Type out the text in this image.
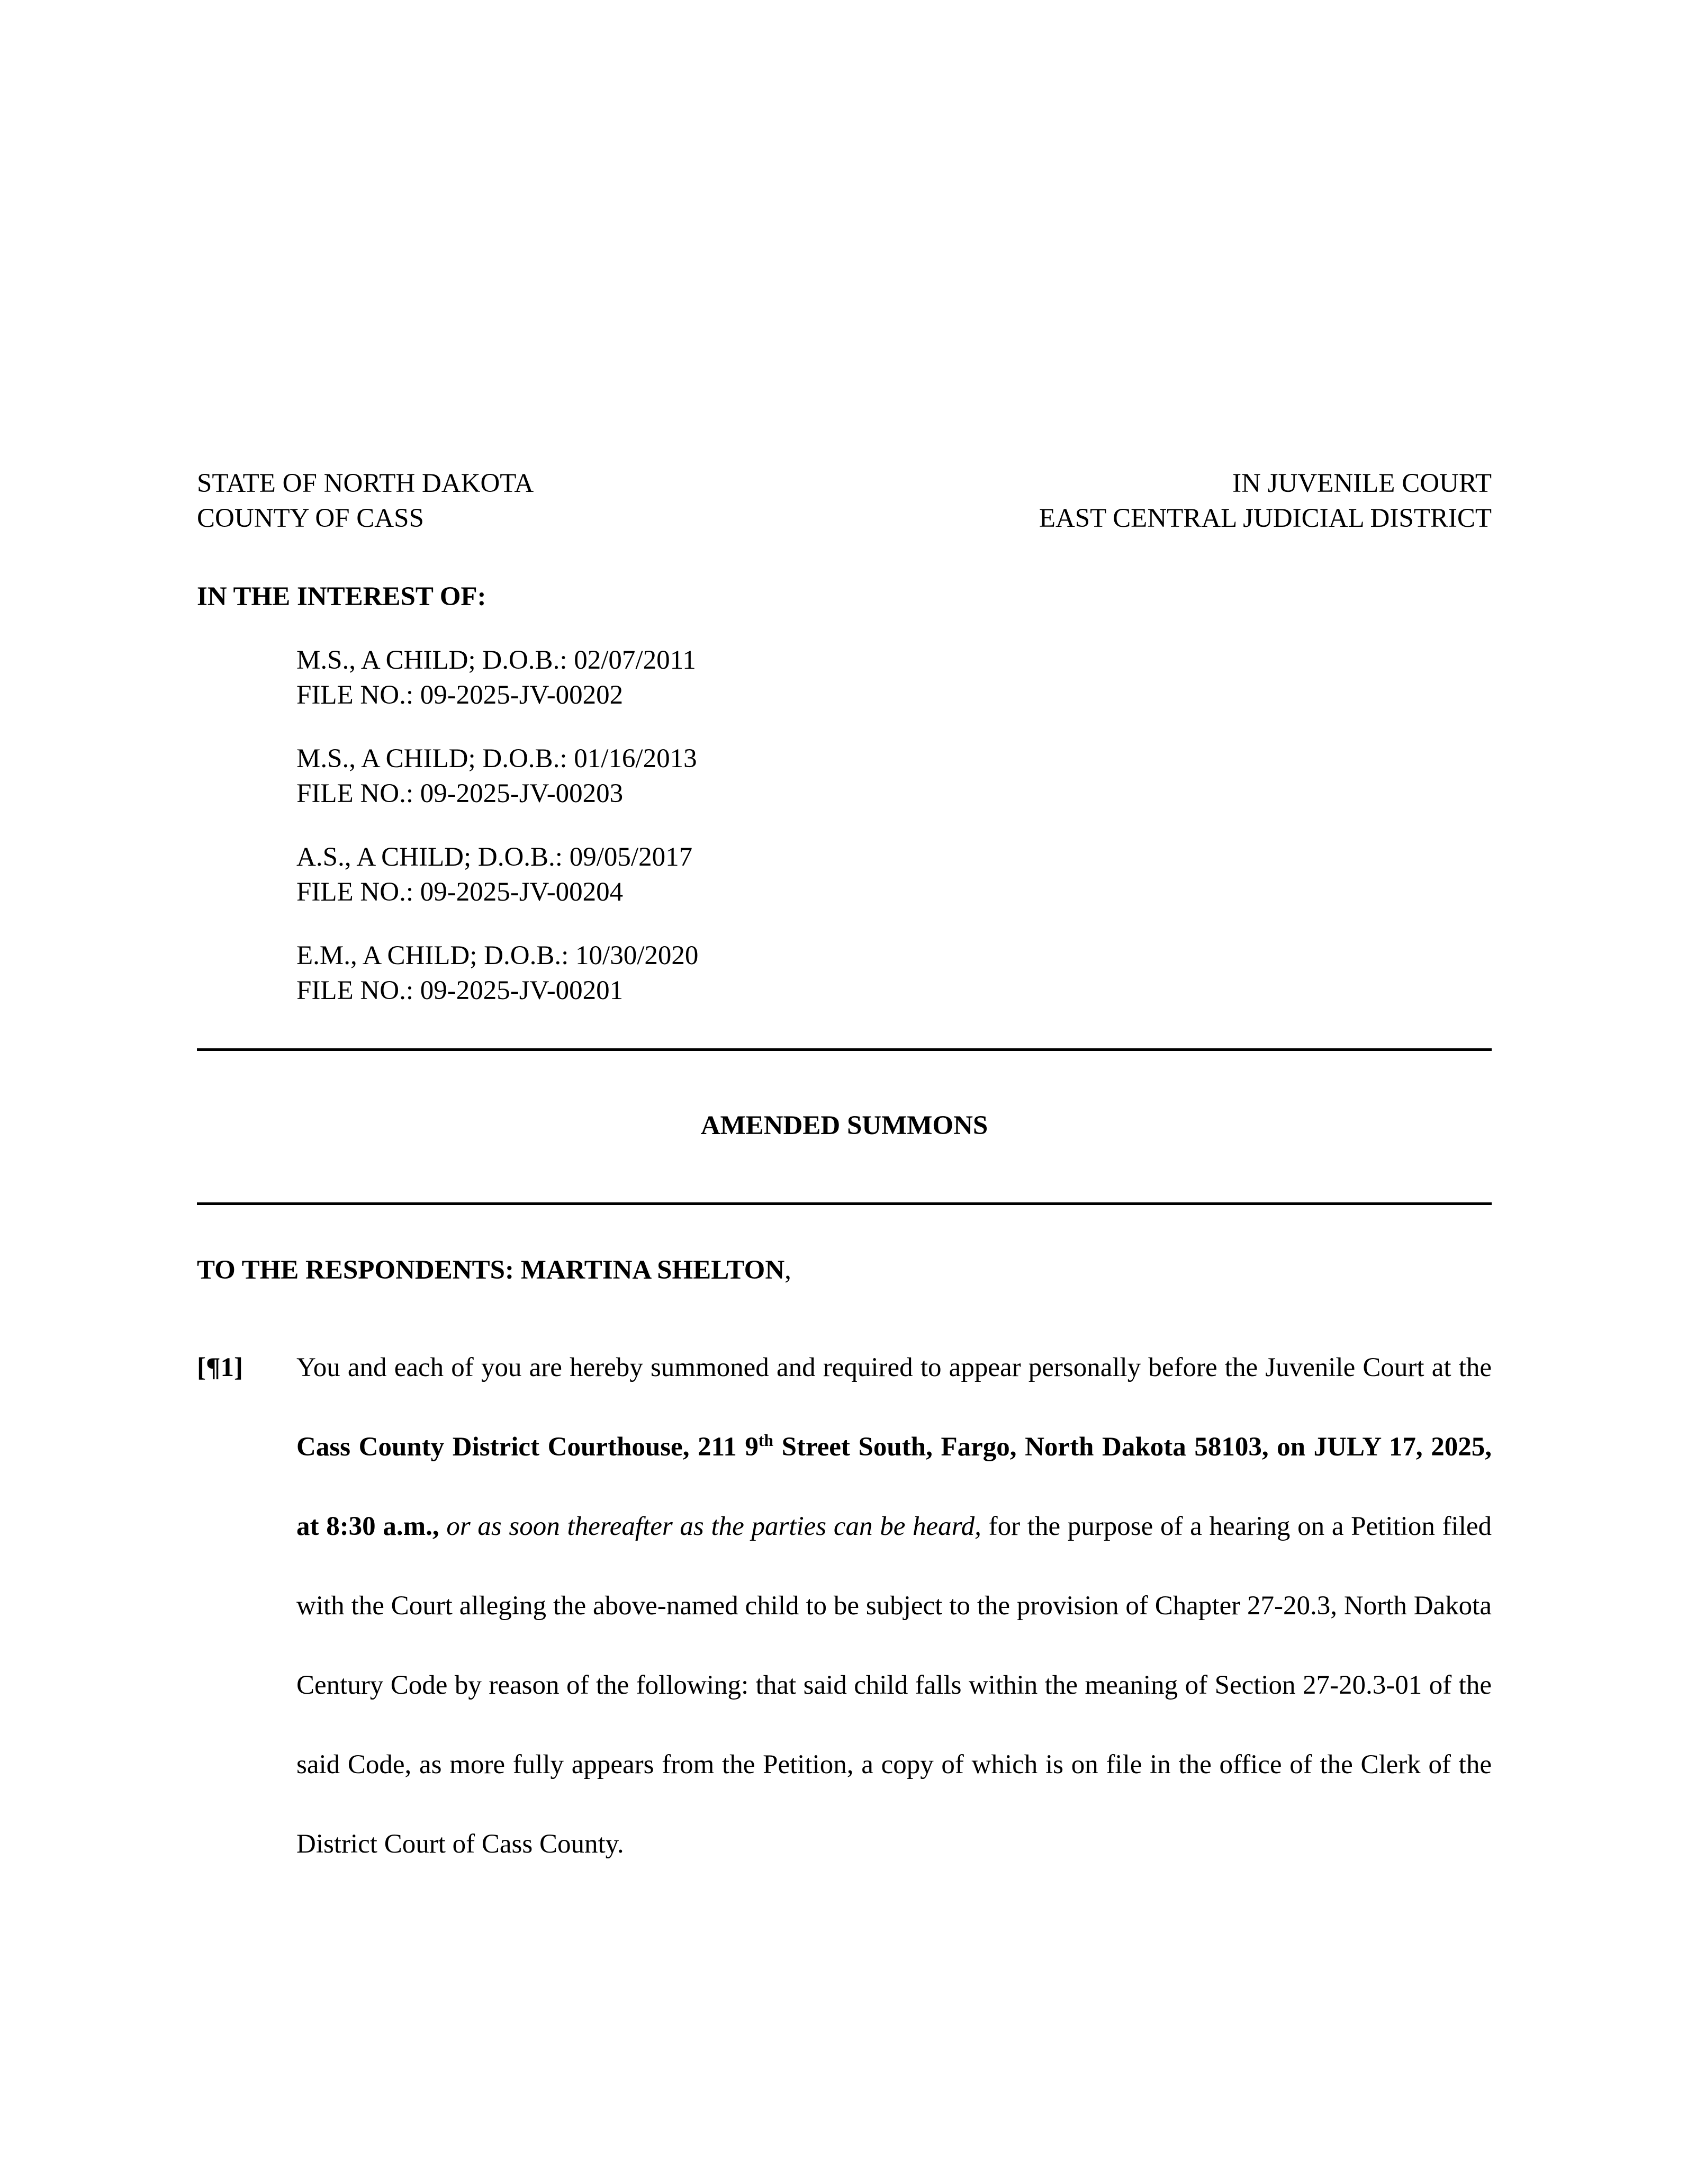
STATE OF NORTH DAKOTA
COUNTY OF CASS
IN JUVENILE COURT
EAST CENTRAL JUDICIAL DISTRICT
IN THE INTEREST OF:
M.S., A CHILD; D.O.B.: 02/07/2011
FILE NO.: 09-2025-JV-00202
M.S., A CHILD; D.O.B.: 01/16/2013
FILE NO.: 09-2025-JV-00203
A.S., A CHILD; D.O.B.: 09/05/2017
FILE NO.: 09-2025-JV-00204
E.M., A CHILD; D.O.B.: 10/30/2020
FILE NO.: 09-2025-JV-00201
AMENDED SUMMONS
TO THE RESPONDENTS: MARTINA SHELTON,
[¶1]	You and each of you are hereby summoned and required to appear personally before the Juvenile Court at the Cass County District Courthouse, 211 9th Street South, Fargo, North Dakota 58103, on JULY 17, 2025, at 8:30 a.m., or as soon thereafter as the parties can be heard, for the purpose of a hearing on a Petition filed with the Court alleging the above-named child to be subject to the provision of Chapter 27-20.3, North Dakota Century Code by reason of the following: that said child falls within the meaning of Section 27-20.3-01 of the said Code, as more fully appears from the Petition, a copy of which is on file in the office of the Clerk of the District Court of Cass County.
